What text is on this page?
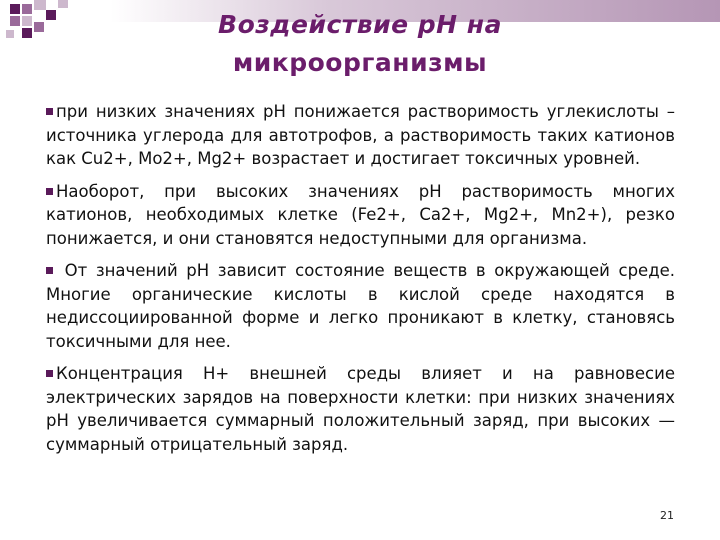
Воздействие рН на
микроорганизмы

при низких значениях рН понижается растворимость углекислоты – источника углерода для автотрофов, а растворимость таких катионов как Cu2+, Mo2+, Mg2+ возрастает и достигает токсичных уровней.

Наоборот, при высоких значениях рН растворимость многих катионов, необходимых клетке (Fe2+, Ca2+, Mg2+, Mn2+), резко понижается, и они становятся недоступными для организма.

От значений рН зависит состояние веществ в окружающей среде. Многие органические кислоты в кислой среде находятся в недиссоциированной форме и легко проникают в клетку, становясь токсичными для нее.

Концентрация Н+ внешней среды влияет и на равновесие электрических зарядов на поверхности клетки: при низких значениях рН увеличивается суммарный положительный заряд, при высоких — суммарный отрицательный заряд.

21
